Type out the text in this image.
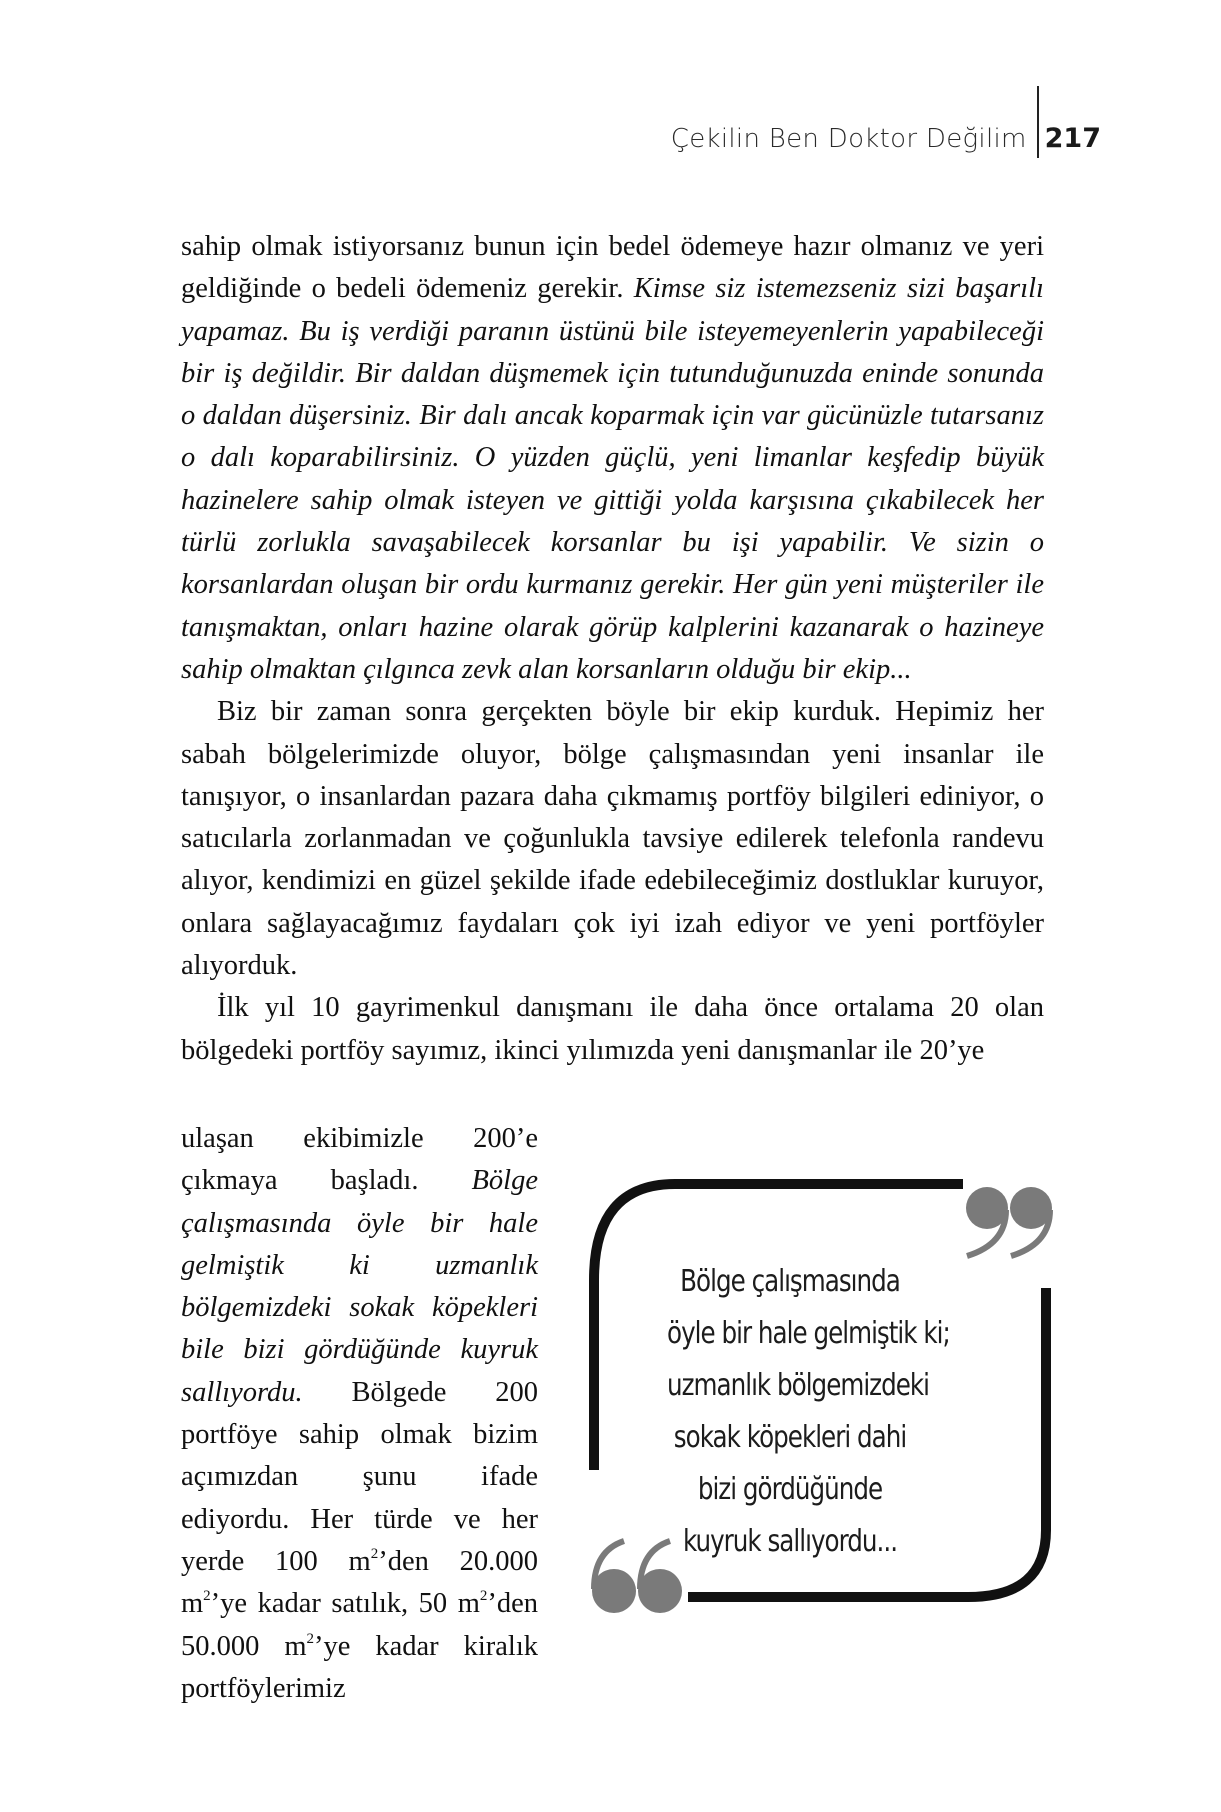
Çekilin Ben Doktor Değilim 217

sahip olmak istiyorsanız bunun için bedel ödemeye hazır olmanız ve yeri geldiğinde o bedeli ödemeniz gerekir. Kimse siz istemezseniz sizi başarılı yapamaz. Bu iş verdiği paranın üstünü bile isteyemeyenlerin yapabileceği bir iş değildir. Bir daldan düşmemek için tutunduğunuzda eninde sonunda o daldan düşersiniz. Bir dalı ancak koparmak için var gücünüzle tutarsanız o dalı koparabilirsiniz. O yüzden güçlü, yeni limanlar keşfedip büyük hazinelere sahip olmak isteyen ve gittiği yolda karşısına çıkabilecek her türlü zorlukla savaşabilecek korsanlar bu işi yapabilir. Ve sizin o korsanlardan oluşan bir ordu kurmanız gerekir. Her gün yeni müşteriler ile tanışmaktan, onları hazine olarak görüp kalplerini kazanarak o hazineye sahip olmaktan çılgınca zevk alan korsanların olduğu bir ekip...

Biz bir zaman sonra gerçekten böyle bir ekip kurduk. Hepimiz her sabah bölgelerimizde oluyor, bölge çalışmasından yeni insanlar ile tanışıyor, o insanlardan pazara daha çıkmamış portföy bilgileri ediniyor, o satıcılarla zorlanmadan ve çoğunlukla tavsiye edilerek telefonla randevu alıyor, kendimizi en güzel şekilde ifade edebileceğimiz dostluklar kuruyor, onlara sağlayacağımız faydaları çok iyi izah ediyor ve yeni portföyler alıyorduk.

İlk yıl 10 gayrimenkul danışmanı ile daha önce ortalama 20 olan bölgedeki portföy sayımız, ikinci yılımızda yeni danışmanlar ile 20’ye

ulaşan ekibimizle 200’e çıkmaya başladı. Bölge çalışmasında öyle bir hale gelmiştik ki uzmanlık bölgemizdeki sokak köpekleri bile bizi gördüğünde kuyruk sallıyordu. Bölgede 200 portföye sahip olmak bizim açımızdan şunu ifade ediyordu. Her türde ve her yerde 100 $m^2’den$ 20.000 $m^2’ye$ kadar satılık, 50 $m^2’den$ 50.000 $m^2’ye$ kadar kiralık portföylerimiz

Bölge çalışmasında
öyle bir hale gelmiştik ki;
uzmanlık bölgemizdeki
sokak köpekleri dahi
bizi gördüğünde
kuyruk sallıyordu...
